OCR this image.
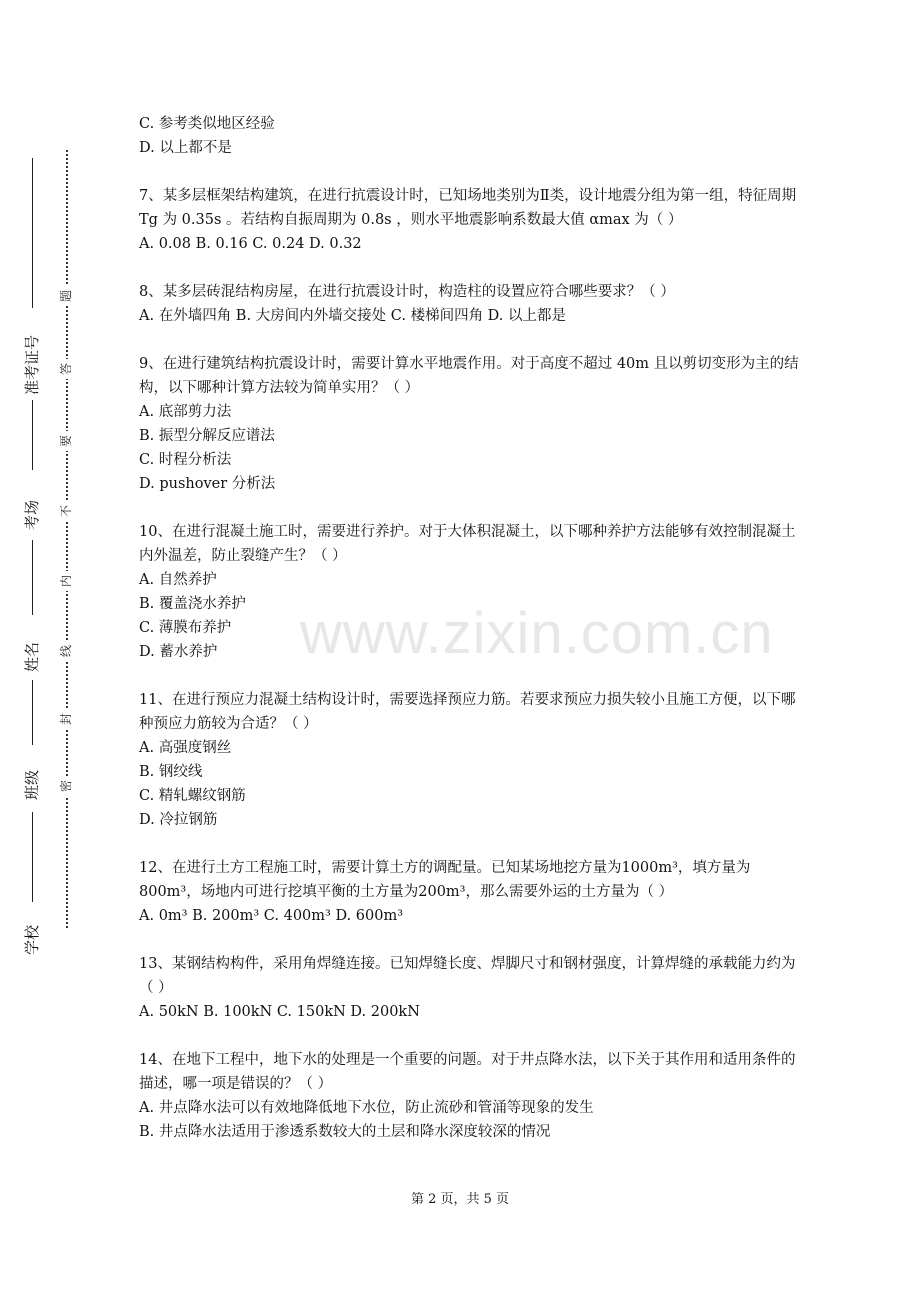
准考证号
考场
姓名
班级
学校
题
答
要
不
内
线
封
密
www.zixin.com.cn

C. 参考类似地区经验

D. 以上都不是

7、某多层框架结构建筑，在进行抗震设计时，已知场地类别为Ⅱ类，设计地震分组为第一组，特征周期 Tg 为 0.35s 。若结构自振周期为 0.8s ，则水平地震影响系数最大值 αmax 为（ ）

A. 0.08 B. 0.16 C. 0.24 D. 0.32

8、某多层砖混结构房屋，在进行抗震设计时，构造柱的设置应符合哪些要求？（ ）

A. 在外墙四角 B. 大房间内外墙交接处 C. 楼梯间四角 D. 以上都是

9、在进行建筑结构抗震设计时，需要计算水平地震作用。对于高度不超过 40m 且以剪切变形为主的结构，以下哪种计算方法较为简单实用？（ ）

A. 底部剪力法

B. 振型分解反应谱法

C. 时程分析法

D. pushover 分析法

10、在进行混凝土施工时，需要进行养护。对于大体积混凝土，以下哪种养护方法能够有效控制混凝土内外温差，防止裂缝产生？（ ）

A. 自然养护

B. 覆盖浇水养护

C. 薄膜布养护

D. 蓄水养护

11、在进行预应力混凝土结构设计时，需要选择预应力筋。若要求预应力损失较小且施工方便，以下哪种预应力筋较为合适？（ ）

A. 高强度钢丝

B. 钢绞线

C. 精轧螺纹钢筋

D. 冷拉钢筋

12、在进行土方工程施工时，需要计算土方的调配量。已知某场地挖方量为1000m³，填方量为800m³，场地内可进行挖填平衡的土方量为200m³，那么需要外运的土方量为（ ）

A. 0m³ B. 200m³ C. 400m³ D. 600m³

13、某钢结构构件，采用角焊缝连接。已知焊缝长度、焊脚尺寸和钢材强度，计算焊缝的承载能力约为（ ）

A. 50kN B. 100kN C. 150kN D. 200kN

14、在地下工程中，地下水的处理是一个重要的问题。对于井点降水法，以下关于其作用和适用条件的描述，哪一项是错误的？（ ）

A. 井点降水法可以有效地降低地下水位，防止流砂和管涌等现象的发生

B. 井点降水法适用于渗透系数较大的土层和降水深度较深的情况

第 2 页，共 5 页
